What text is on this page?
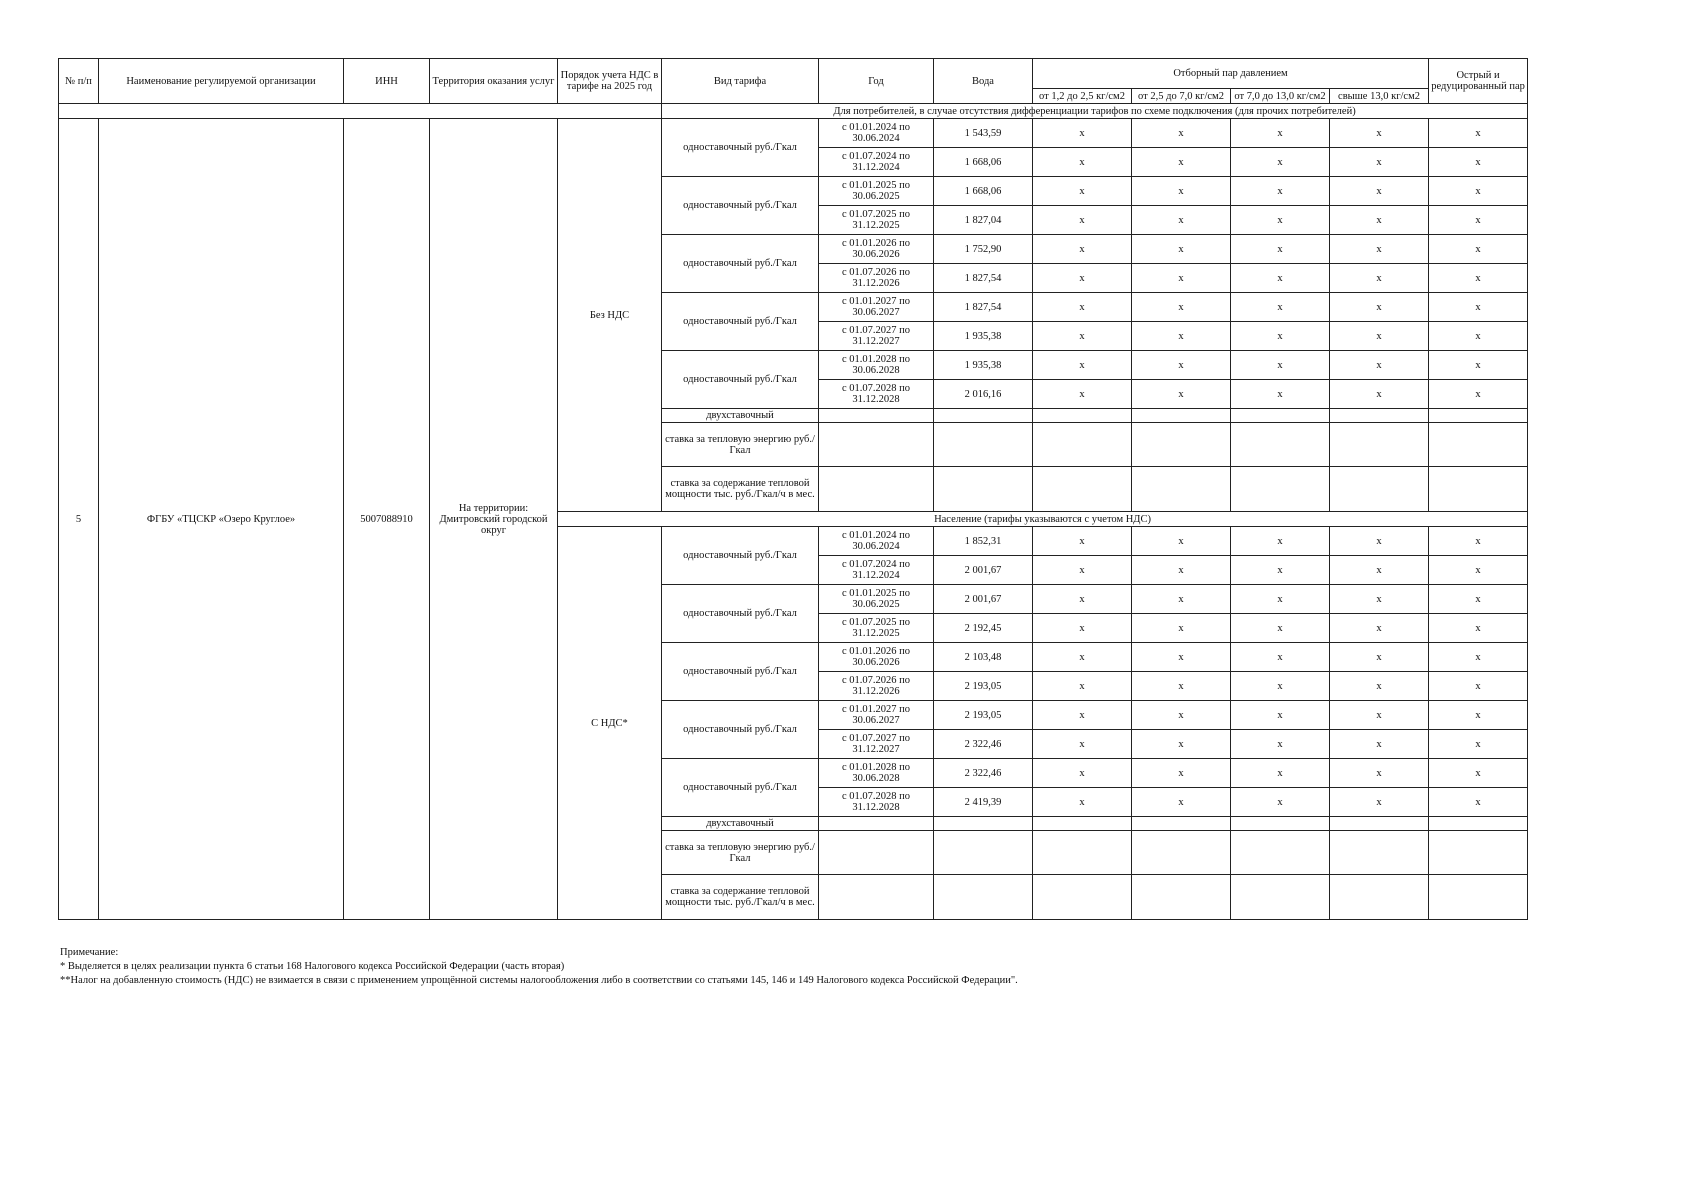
№ п/п	Наименование регулируемой организации	ИНН	Территория оказания услуг	Порядок учета НДС в тарифе на 2025 год	Вид тарифа	Год	Вода	Отборный пар давлением				Острый и редуцированный пар
								от 1,2 до 2,5 кг/см2	от 2,5 до 7,0 кг/см2	от 7,0 до 13,0 кг/см2	свыше 13,0 кг/см2	
					Для потребителей, в случае отсутствия дифференциации тарифов по схеме подключения (для прочих потребителей)							
5	ФГБУ «ТЦСКР «Озеро Круглое»	5007088910	На территории: Дмитровский городской округ	Без НДС	одноставочный руб./Гкал	с 01.01.2024 по 30.06.2024	1 543,59	х	х	х	х	х
						с 01.07.2024 по 31.12.2024	1 668,06	х	х	х	х	х
					одноставочный руб./Гкал	с 01.01.2025 по 30.06.2025	1 668,06	х	х	х	х	х
						с 01.07.2025 по 31.12.2025	1 827,04	х	х	х	х	х
					одноставочный руб./Гкал	с 01.01.2026 по 30.06.2026	1 752,90	х	х	х	х	х
						с 01.07.2026 по 31.12.2026	1 827,54	х	х	х	х	х
					одноставочный руб./Гкал	с 01.01.2027 по 30.06.2027	1 827,54	х	х	х	х	х
						с 01.07.2027 по 31.12.2027	1 935,38	х	х	х	х	х
					одноставочный руб./Гкал	с 01.01.2028 по 30.06.2028	1 935,38	х	х	х	х	х
						с 01.07.2028 по 31.12.2028	2 016,16	х	х	х	х	х
					двухставочный							
					ставка за тепловую энергию руб./Гкал							
					ставка за содержание тепловой мощности тыс. руб./Гкал/ч в мес.							
				Население (тарифы указываются с учетом НДС)								
				С НДС*	одноставочный руб./Гкал	с 01.01.2024 по 30.06.2024	1 852,31	х	х	х	х	х
						с 01.07.2024 по 31.12.2024	2 001,67	х	х	х	х	х
					одноставочный руб./Гкал	с 01.01.2025 по 30.06.2025	2 001,67	х	х	х	х	х
						с 01.07.2025 по 31.12.2025	2 192,45	х	х	х	х	х
					одноставочный руб./Гкал	с 01.01.2026 по 30.06.2026	2 103,48	х	х	х	х	х
						с 01.07.2026 по 31.12.2026	2 193,05	х	х	х	х	х
					одноставочный руб./Гкал	с 01.01.2027 по 30.06.2027	2 193,05	х	х	х	х	х
						с 01.07.2027 по 31.12.2027	2 322,46	х	х	х	х	х
					одноставочный руб./Гкал	с 01.01.2028 по 30.06.2028	2 322,46	х	х	х	х	х
						с 01.07.2028 по 31.12.2028	2 419,39	х	х	х	х	х
					двухставочный							
					ставка за тепловую энергию руб./Гкал							
					ставка за содержание тепловой мощности тыс. руб./Гкал/ч в мес.							
Примечание:
* Выделяется в целях реализации пункта 6 статьи 168 Налогового кодекса Российской Федерации (часть вторая)
**Налог на добавленную стоимость (НДС) не взимается в связи с применением упрощённой системы налогообложения либо в соответствии со статьями 145, 146 и 149 Налогового кодекса Российской Федерации".
